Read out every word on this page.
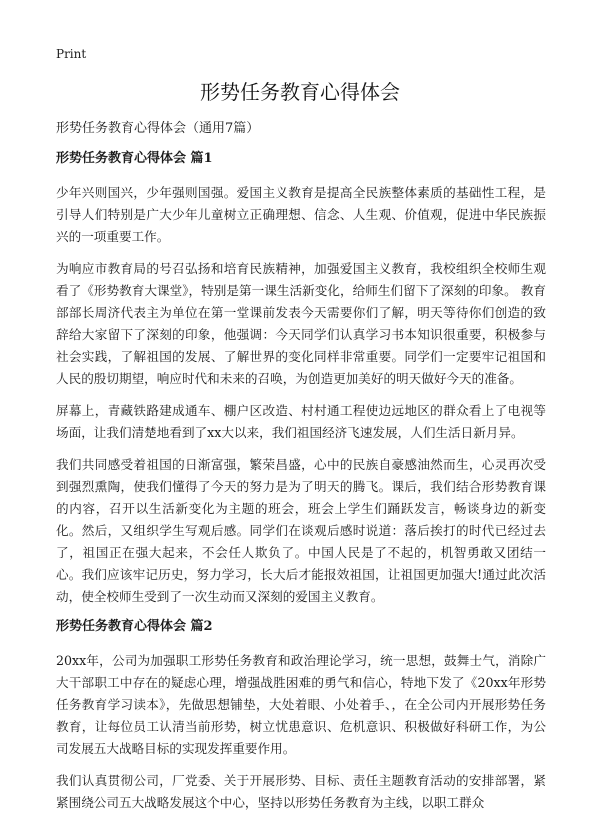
Print
形势任务教育心得体会

形势任务教育心得体会（通用7篇）

形势任务教育心得体会 篇1

少年兴则国兴，少年强则国强。爱国主义教育是提高全民族整体素质的基础性工程，是引导人们特别是广大少年儿童树立正确理想、信念、人生观、价值观，促进中华民族振兴的一项重要工作。

为响应市教育局的号召弘扬和培育民族精神，加强爱国主义教育，我校组织全校师生观看了《形势教育大课堂》，特别是第一课生活新变化，给师生们留下了深刻的印象。 教育部部长周济代表主为单位在第一堂课前发表今天需要你们了解，明天等待你们创造的致辞给大家留下了深刻的印象，他强调：今天同学们认真学习书本知识很重要，积极参与社会实践，了解祖国的发展、了解世界的变化同样非常重要。同学们一定要牢记祖国和人民的殷切期望，响应时代和未来的召唤，为创造更加美好的明天做好今天的准备。

屏幕上，青藏铁路建成通车、棚户区改造、村村通工程使边远地区的群众看上了电视等场面，让我们清楚地看到了xx大以来，我们祖国经济飞速发展，人们生活日新月异。

我们共同感受着祖国的日渐富强，繁荣昌盛，心中的民族自豪感油然而生，心灵再次受到强烈熏陶，使我们懂得了今天的努力是为了明天的腾飞。课后，我们结合形势教育课的内容，召开以生活新变化为主题的班会，班会上学生们踊跃发言，畅谈身边的新变化。然后，又组织学生写观后感。同学们在谈观后感时说道：落后挨打的时代已经过去了，祖国正在强大起来，不会任人欺负了。中国人民是了不起的，机智勇敢又团结一心。我们应该牢记历史，努力学习，长大后才能报效祖国，让祖国更加强大!通过此次活动，使全校师生受到了一次生动而又深刻的爱国主义教育。

形势任务教育心得体会 篇2

20xx年，公司为加强职工形势任务教育和政治理论学习，统一思想，鼓舞士气，消除广大干部职工中存在的疑虑心理，增强战胜困难的勇气和信心，特地下发了《20xx年形势任务教育学习读本》，先做思想铺垫，大处着眼、小处着手、，在全公司内开展形势任务教育，让每位员工认清当前形势，树立忧患意识、危机意识、积极做好科研工作，为公司发展五大战略目标的实现发挥重要作用。

我们认真贯彻公司，厂党委、关于开展形势、目标、责任主题教育活动的安排部署，紧紧围绕公司五大战略发展这个中心，坚持以形势任务教育为主线，以职工群众
